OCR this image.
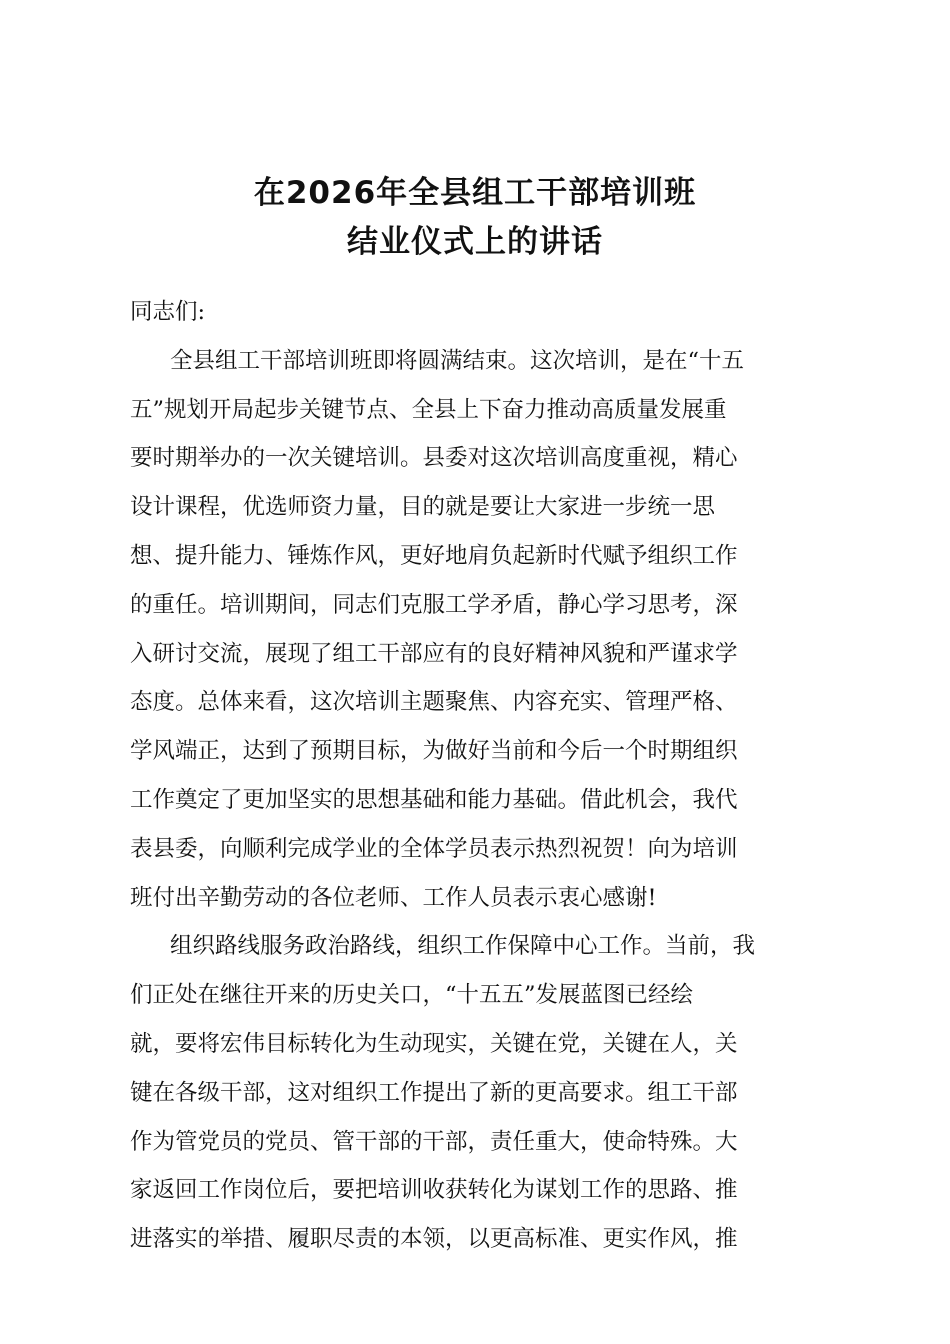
在2026年全县组工干部培训班
结业仪式上的讲话
同志们:
全县组工干部培训班即将圆满结束。这次培训，是在“十五
五”规划开局起步关键节点、全县上下奋力推动高质量发展重
要时期举办的一次关键培训。县委对这次培训高度重视，精心
设计课程，优选师资力量，目的就是要让大家进一步统一思
想、提升能力、锤炼作风，更好地肩负起新时代赋予组织工作
的重任。培训期间，同志们克服工学矛盾，静心学习思考，深
入研讨交流，展现了组工干部应有的良好精神风貌和严谨求学
态度。总体来看，这次培训主题聚焦、内容充实、管理严格、
学风端正，达到了预期目标，为做好当前和今后一个时期组织
工作奠定了更加坚实的思想基础和能力基础。借此机会，我代
表县委，向顺利完成学业的全体学员表示热烈祝贺！向为培训
班付出辛勤劳动的各位老师、工作人员表示衷心感谢!
组织路线服务政治路线，组织工作保障中心工作。当前，我
们正处在继往开来的历史关口，“十五五”发展蓝图已经绘
就，要将宏伟目标转化为生动现实，关键在党，关键在人，关
键在各级干部，这对组织工作提出了新的更高要求。组工干部
作为管党员的党员、管干部的干部，责任重大，使命特殊。大
家返回工作岗位后，要把培训收获转化为谋划工作的思路、推
进落实的举措、履职尽责的本领，以更高标准、更实作风，推
